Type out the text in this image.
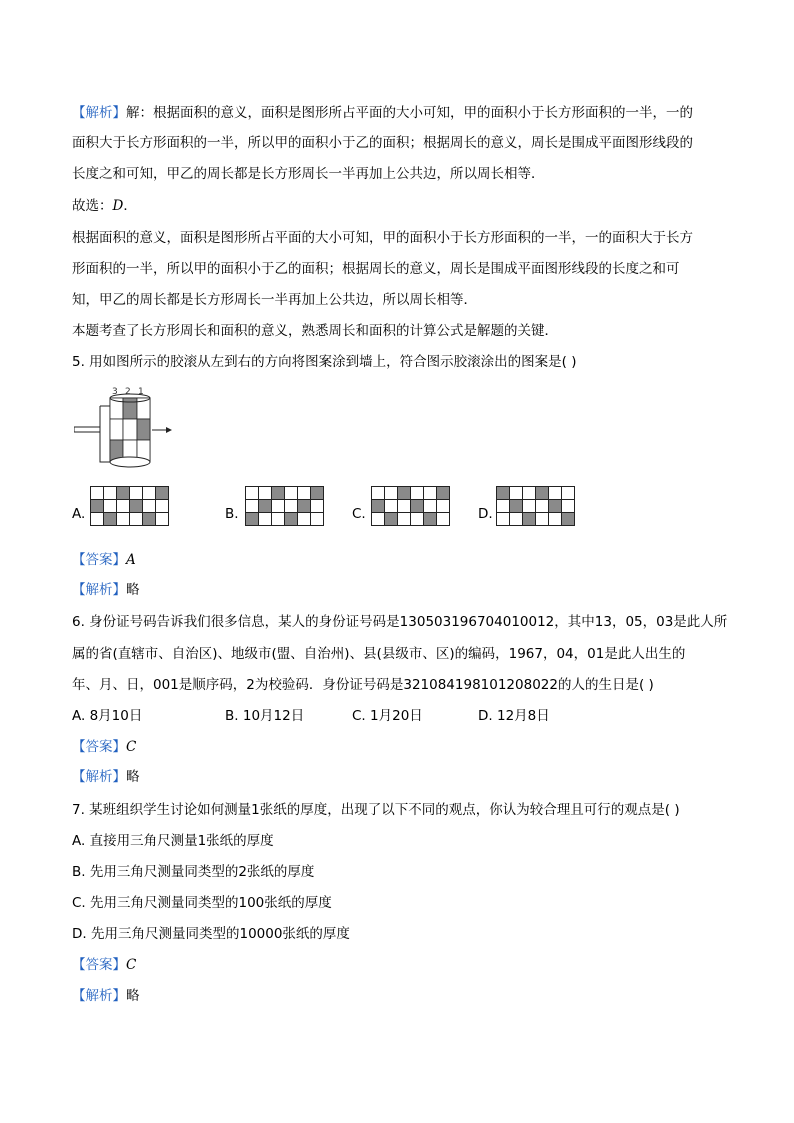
【解析】解：根据面积的意义，面积是图形所占平面的大小可知，甲的面积小于长方形面积的一半，一的
面积大于长方形面积的一半，所以甲的面积小于乙的面积；根据周长的意义，周长是围成平面图形线段的
长度之和可知，甲乙的周长都是长方形周长一半再加上公共边，所以周长相等．
故选：D．
根据面积的意义，面积是图形所占平面的大小可知，甲的面积小于长方形面积的一半，一的面积大于长方
形面积的一半，所以甲的面积小于乙的面积；根据周长的意义，周长是围成平面图形线段的长度之和可
知，甲乙的周长都是长方形周长一半再加上公共边，所以周长相等．
本题考查了长方形周长和面积的意义，熟悉周长和面积的计算公式是解题的关键．
5. 用如图所示的胶滚从左到右的方向将图案涂到墙上，符合图示胶滚涂出的图案是( )
3 2 1
A.	B.	C.	D.
【答案】A
【解析】略
6. 身份证号码告诉我们很多信息，某人的身份证号码是130503196704010012，其中13，05，03是此人所
属的省(直辖市、自治区)、地级市(盟、自治州)、县(县级市、区)的编码，1967，04，01是此人出生的
年、月、日，001是顺序码，2为校验码．身份证号码是321084198101208022的人的生日是( )
A. 8月10日	B. 10月12日	C. 1月20日	D. 12月8日
【答案】C
【解析】略
7. 某班组织学生讨论如何测量1张纸的厚度，出现了以下不同的观点，你认为较合理且可行的观点是( )
A. 直接用三角尺测量1张纸的厚度
B. 先用三角尺测量同类型的2张纸的厚度
C. 先用三角尺测量同类型的100张纸的厚度
D. 先用三角尺测量同类型的10000张纸的厚度
【答案】C
【解析】略
